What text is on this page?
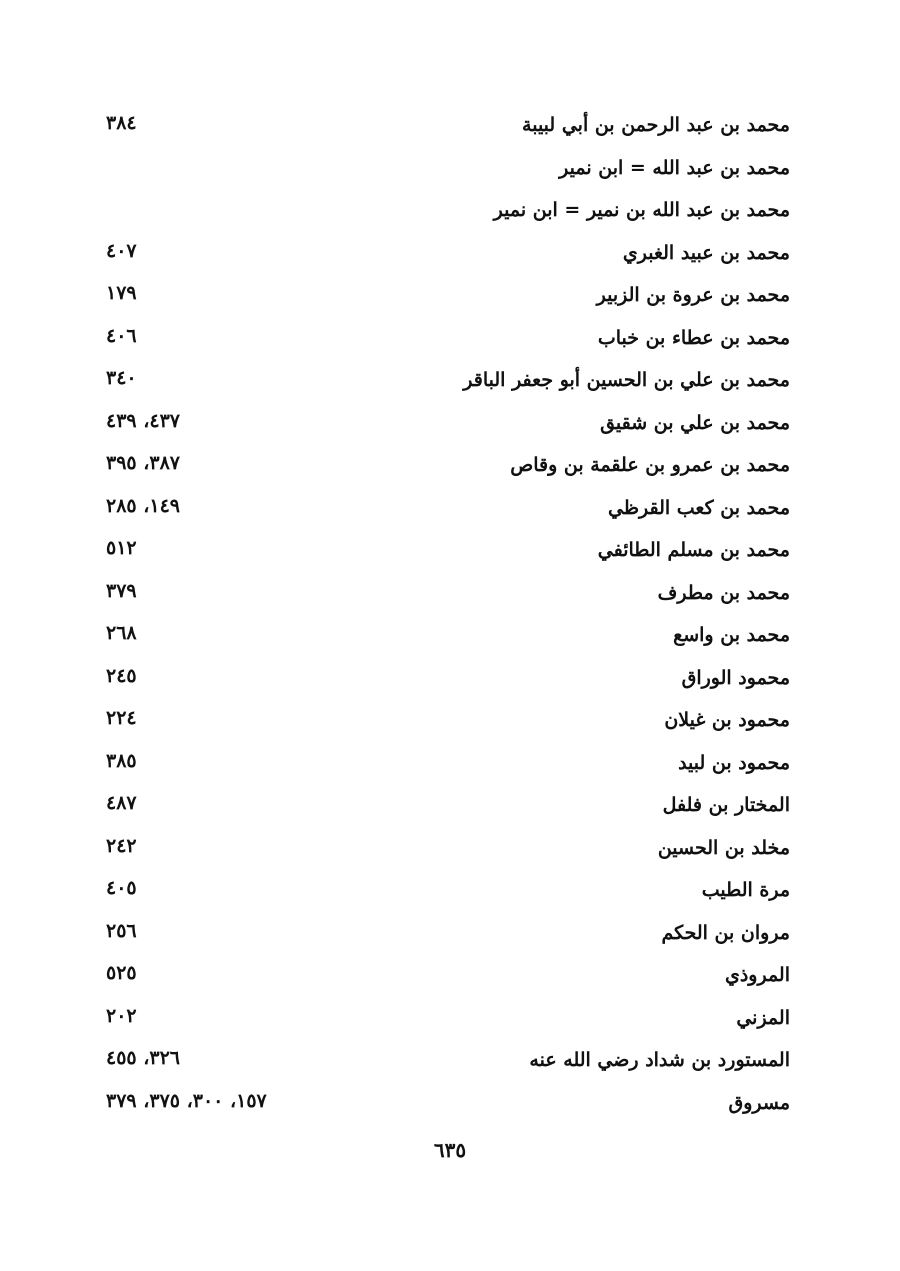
محمد بن عبد الرحمن بن أبي لبيبة
٣٨٤
محمد بن عبد الله = ابن نمير
محمد بن عبد الله بن نمير = ابن نمير
محمد بن عبيد الغبري
٤٠٧
محمد بن عروة بن الزبير
١٧٩
محمد بن عطاء بن خباب
٤٠٦
محمد بن علي بن الحسين أبو جعفر الباقر
٣٤٠
محمد بن علي بن شقيق
٤٣٧، ٤٣٩
محمد بن عمرو بن علقمة بن وقاص
٣٨٧، ٣٩٥
محمد بن كعب القرظي
١٤٩، ٢٨٥
محمد بن مسلم الطائفي
٥١٢
محمد بن مطرف
٣٧٩
محمد بن واسع
٢٦٨
محمود الوراق
٢٤٥
محمود بن غيلان
٢٢٤
محمود بن لبيد
٣٨٥
المختار بن فلفل
٤٨٧
مخلد بن الحسين
٢٤٢
مرة الطيب
٤٠٥
مروان بن الحكم
٢٥٦
المروذي
٥٢٥
المزني
٢٠٢
المستورد بن شداد رضي الله عنه
٣٢٦، ٤٥٥
مسروق
١٥٧، ٣٠٠، ٣٧٥، ٣٧٩
٦٣٥
